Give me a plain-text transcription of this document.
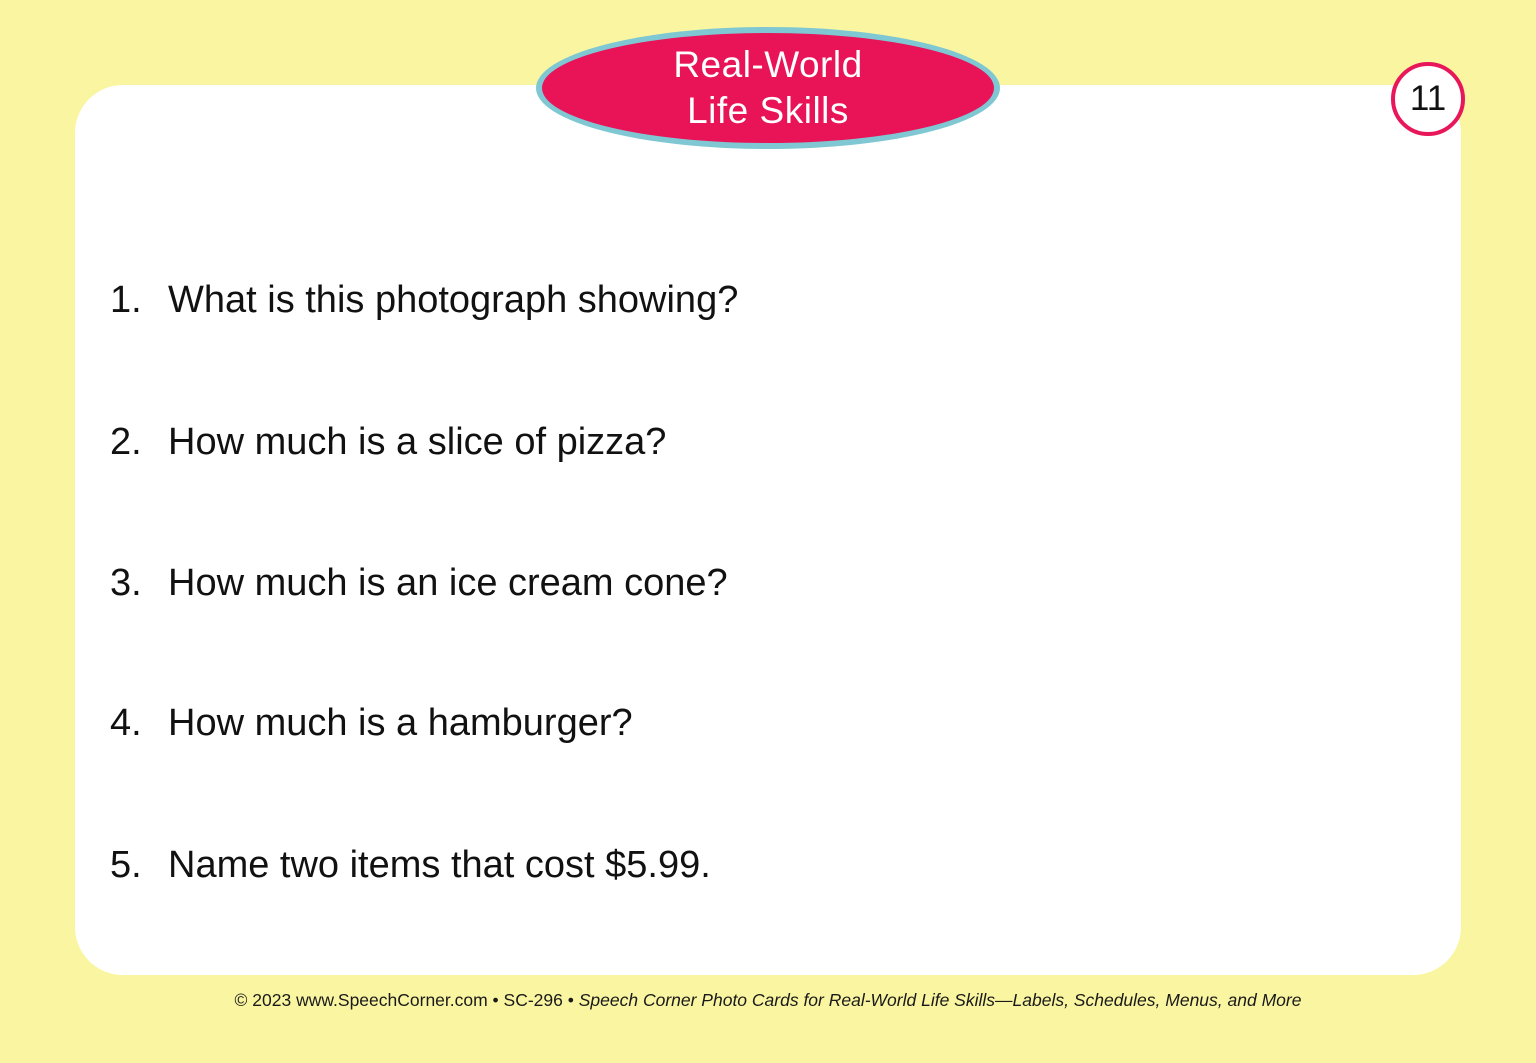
Real-World
Life Skills	11
1. What is this photograph showing?
2. How much is a slice of pizza?
3. How much is an ice cream cone?
4. How much is a hamburger?
5. Name two items that cost $5.99.
© 2023 www.SpeechCorner.com • SC-296 • Speech Corner Photo Cards for Real-World Life Skills—Labels, Schedules, Menus, and More
